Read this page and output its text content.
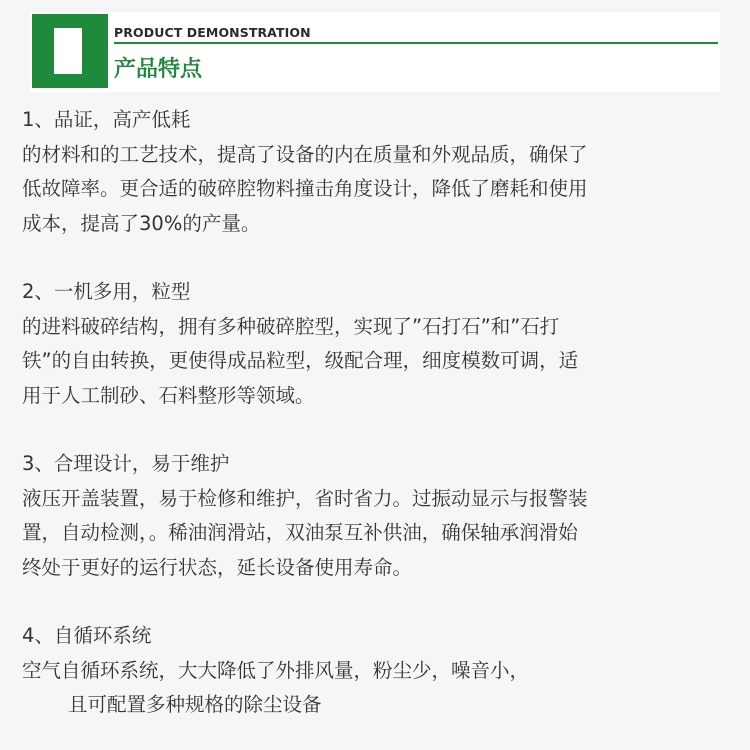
PRODUCT DEMONSTRATION
产品特点
1、品证，高产低耗
的材料和的工艺技术，提高了设备的内在质量和外观品质，确保了
低故障率。更合适的破碎腔物料撞击角度设计，降低了磨耗和使用
成本，提高了30%的产量。
2、一机多用，粒型
的进料破碎结构，拥有多种破碎腔型，实现了”石打石”和”石打
铁”的自由转换，更使得成品粒型，级配合理，细度模数可调，适
用于人工制砂、石料整形等领域。
3、合理设计，易于维护
液压开盖装置，易于检修和维护，省时省力。过振动显示与报警装
置，自动检测，。稀油润滑站，双油泵互补供油，确保轴承润滑始
终处于更好的运行状态，延长设备使用寿命。
4、自循环系统
空气自循环系统，大大降低了外排风量，粉尘少，噪音小，
且可配置多种规格的除尘设备
